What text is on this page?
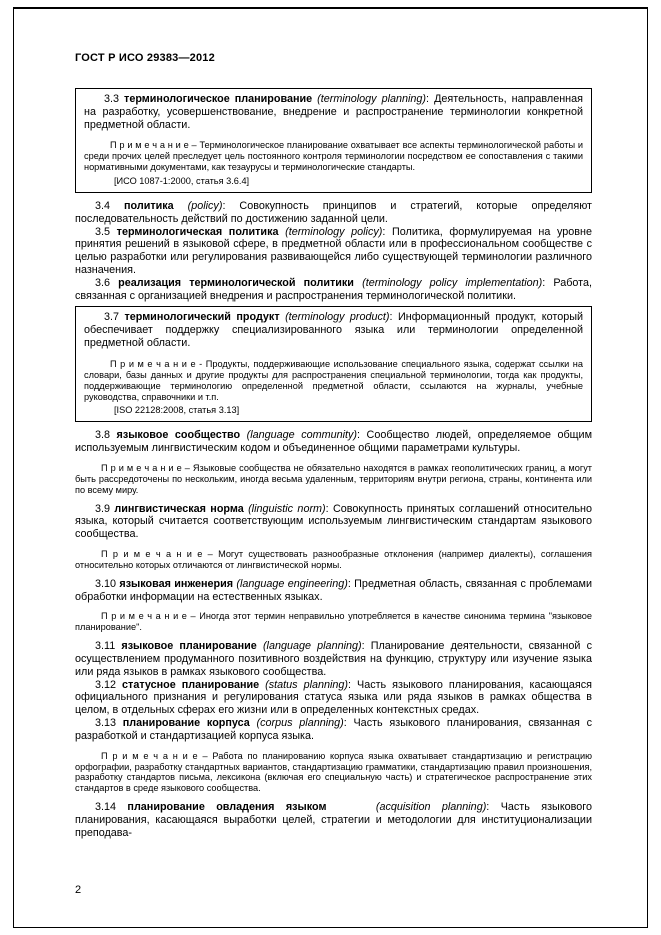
ГОСТ Р ИСО 29383—2012

3.3 терминологическое планирование (terminology planning): Деятельность, направленная на разработку, усовершенствование, внедрение и распространение терминологии конкретной предметной области.

П р и м е ч а н и е – Терминологическое планирование охватывает все аспекты терминологической работы и среди прочих целей преследует цель постоянного контроля терминологии посредством ее сопоставления с такими нормативными документами, как тезаурусы и терминологические стандарты.

[ИСО 1087-1:2000, статья 3.6.4]

3.4 политика (policy): Совокупность принципов и стратегий, которые определяют последовательность действий по достижению заданной цели.

3.5 терминологическая политика (terminology policy): Политика, формулируемая на уровне принятия решений в языковой сфере, в предметной области или в профессиональном сообществе с целью разработки или регулирования развивающейся либо существующей терминологии различного назначения.

3.6 реализация терминологической политики (terminology policy implementation): Работа, связанная с организацией внедрения и распространения терминологической политики.

3.7 терминологический продукт (terminology product): Информационный продукт, который обеспечивает поддержку специализированного языка или терминологии определенной предметной области.

П р и м е ч а н и е - Продукты, поддерживающие использование специального языка, содержат ссылки на словари, базы данных и другие продукты для распространения специальной терминологии, тогда как продукты, поддерживающие терминологию определенной предметной области, ссылаются на журналы, учебные руководства, справочники и т.п.

[ISO 22128:2008, статья 3.13]

3.8 языковое сообщество (language community): Сообщество людей, определяемое общим используемым лингвистическим кодом и объединенное общими параметрами культуры.

П р и м е ч а н и е – Языковые сообщества не обязательно находятся в рамках геополитических границ, а могут быть рассредоточены по нескольким, иногда весьма удаленным, территориям внутри региона, страны, континента или по всему миру.

3.9 лингвистическая норма (linguistic norm): Совокупность принятых соглашений относительно языка, который считается соответствующим используемым лингвистическим стандартам языкового сообщества.

П р и м е ч а н и е – Могут существовать разнообразные отклонения (например диалекты), соглашения относительно которых отличаются от лингвистической нормы.

3.10 языковая инженерия (language engineering): Предметная область, связанная с проблемами обработки информации на естественных языках.

П р и м е ч а н и е – Иногда этот термин неправильно употребляется в качестве синонима термина "языковое планирование".

3.11 языковое планирование (language planning): Планирование деятельности, связанной с осуществлением продуманного позитивного воздействия на функцию, структуру или изучение языка или ряда языков в рамках языкового сообщества.

3.12 статусное планирование (status planning): Часть языкового планирования, касающаяся официального признания и регулирования статуса языка или ряда языков в рамках общества в целом, в отдельных сферах его жизни или в определенных контекстных средах.

3.13 планирование корпуса (corpus planning): Часть языкового планирования, связанная с разработкой и стандартизацией корпуса языка.

П р и м е ч а н и е – Работа по планированию корпуса языка охватывает стандартизацию и регистрацию орфографии, разработку стандартных вариантов, стандартизацию грамматики, стандартизацию правил произношения, разработку стандартов письма, лексикона (включая его специальную часть) и стратегическое распространение этих стандартов в среде языкового сообщества.

3.14 планирование овладения языком	(acquisition planning): Часть языкового планирования, касающаяся выработки целей, стратегии и методологии для институционализации преподава-

2
